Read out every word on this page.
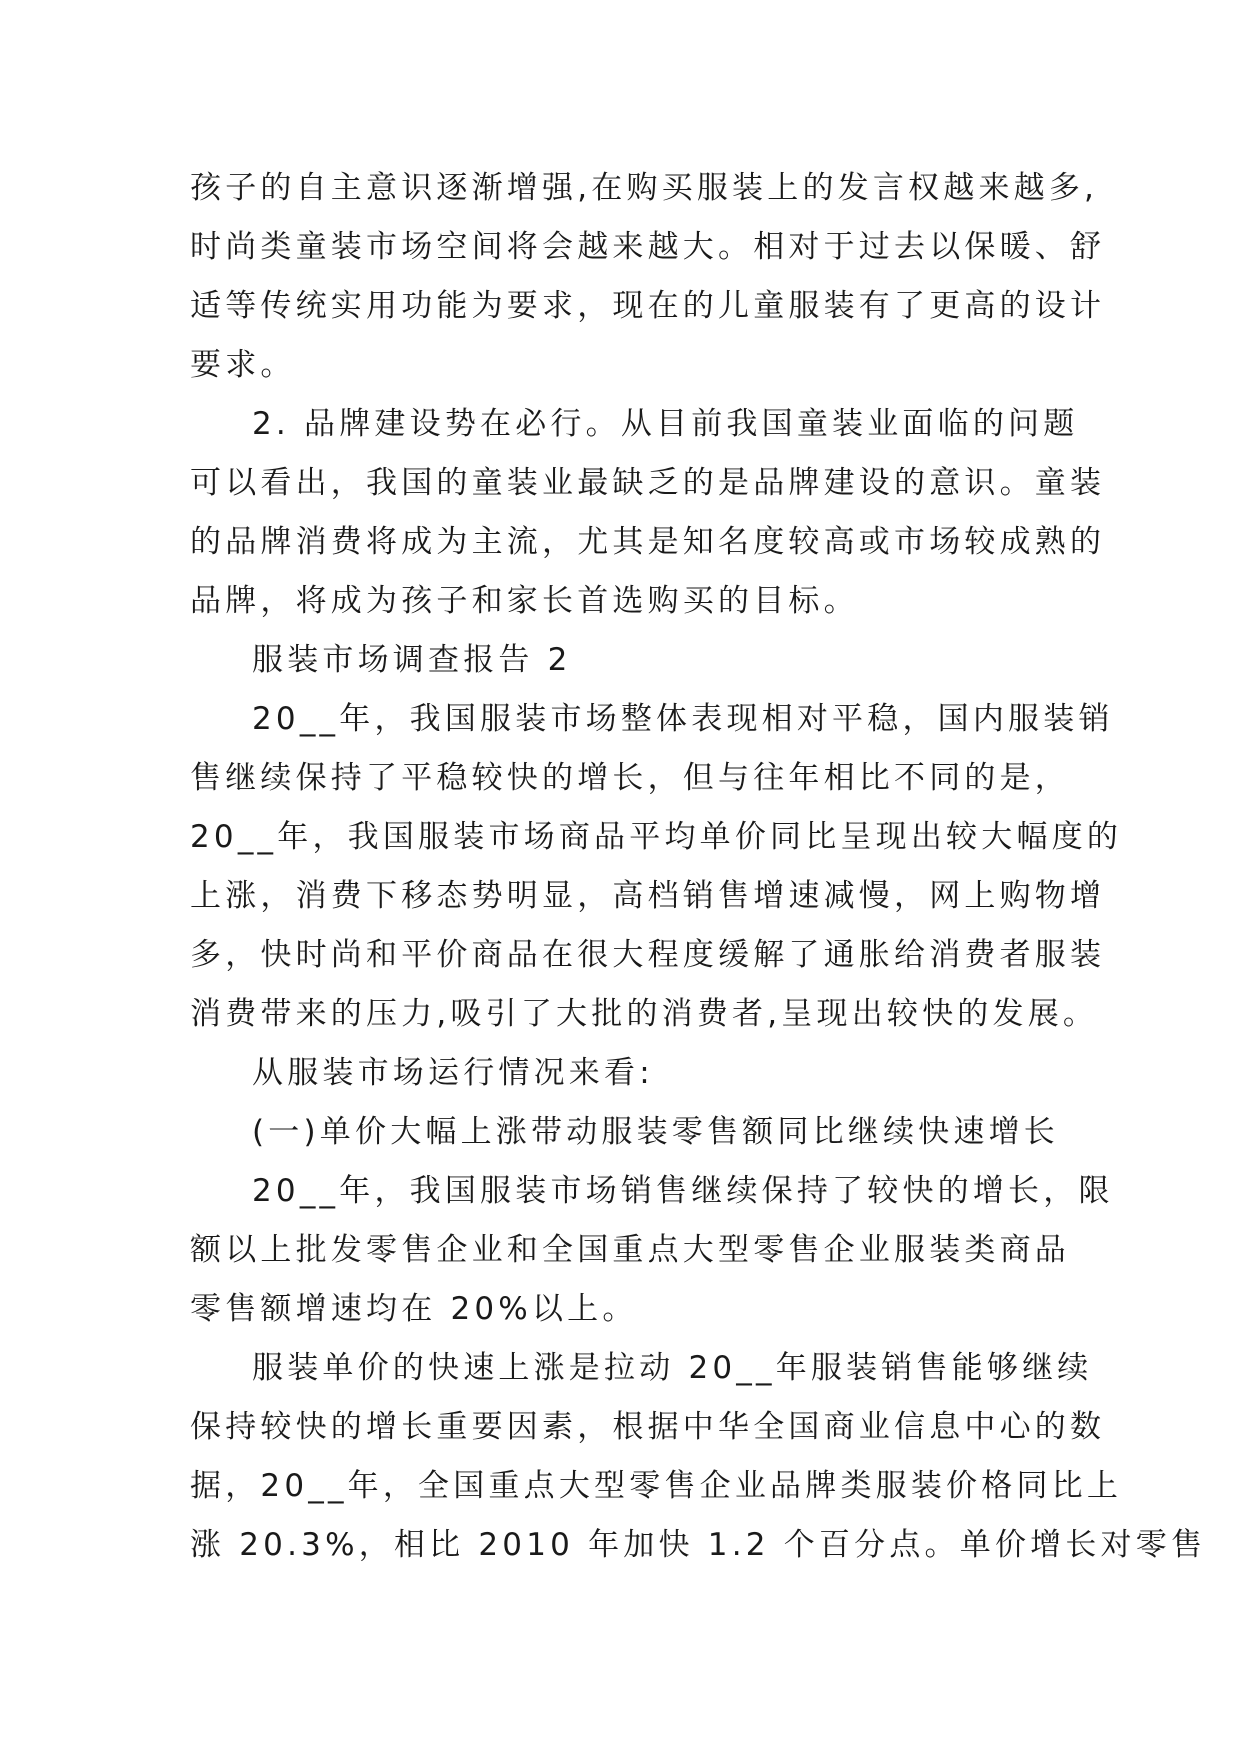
孩子的自主意识逐渐增强,在购买服装上的发言权越来越多,
时尚类童装市场空间将会越来越大。相对于过去以保暖、舒
适等传统实用功能为要求，现在的儿童服装有了更高的设计
要求。
2. 品牌建设势在必行。从目前我国童装业面临的问题
可以看出，我国的童装业最缺乏的是品牌建设的意识。童装
的品牌消费将成为主流，尤其是知名度较高或市场较成熟的
品牌，将成为孩子和家长首选购买的目标。
服装市场调查报告 2
20__年，我国服装市场整体表现相对平稳，国内服装销
售继续保持了平稳较快的增长，但与往年相比不同的是，
20__年，我国服装市场商品平均单价同比呈现出较大幅度的
上涨，消费下移态势明显，高档销售增速减慢，网上购物增
多，快时尚和平价商品在很大程度缓解了通胀给消费者服装
消费带来的压力,吸引了大批的消费者,呈现出较快的发展。
从服装市场运行情况来看:
(一)单价大幅上涨带动服装零售额同比继续快速增长
20__年，我国服装市场销售继续保持了较快的增长，限
额以上批发零售企业和全国重点大型零售企业服装类商品
零售额增速均在 20%以上。
服装单价的快速上涨是拉动 20__年服装销售能够继续
保持较快的增长重要因素，根据中华全国商业信息中心的数
据，20__年，全国重点大型零售企业品牌类服装价格同比上
涨 20.3%，相比 2010 年加快 1.2 个百分点。单价增长对零售
